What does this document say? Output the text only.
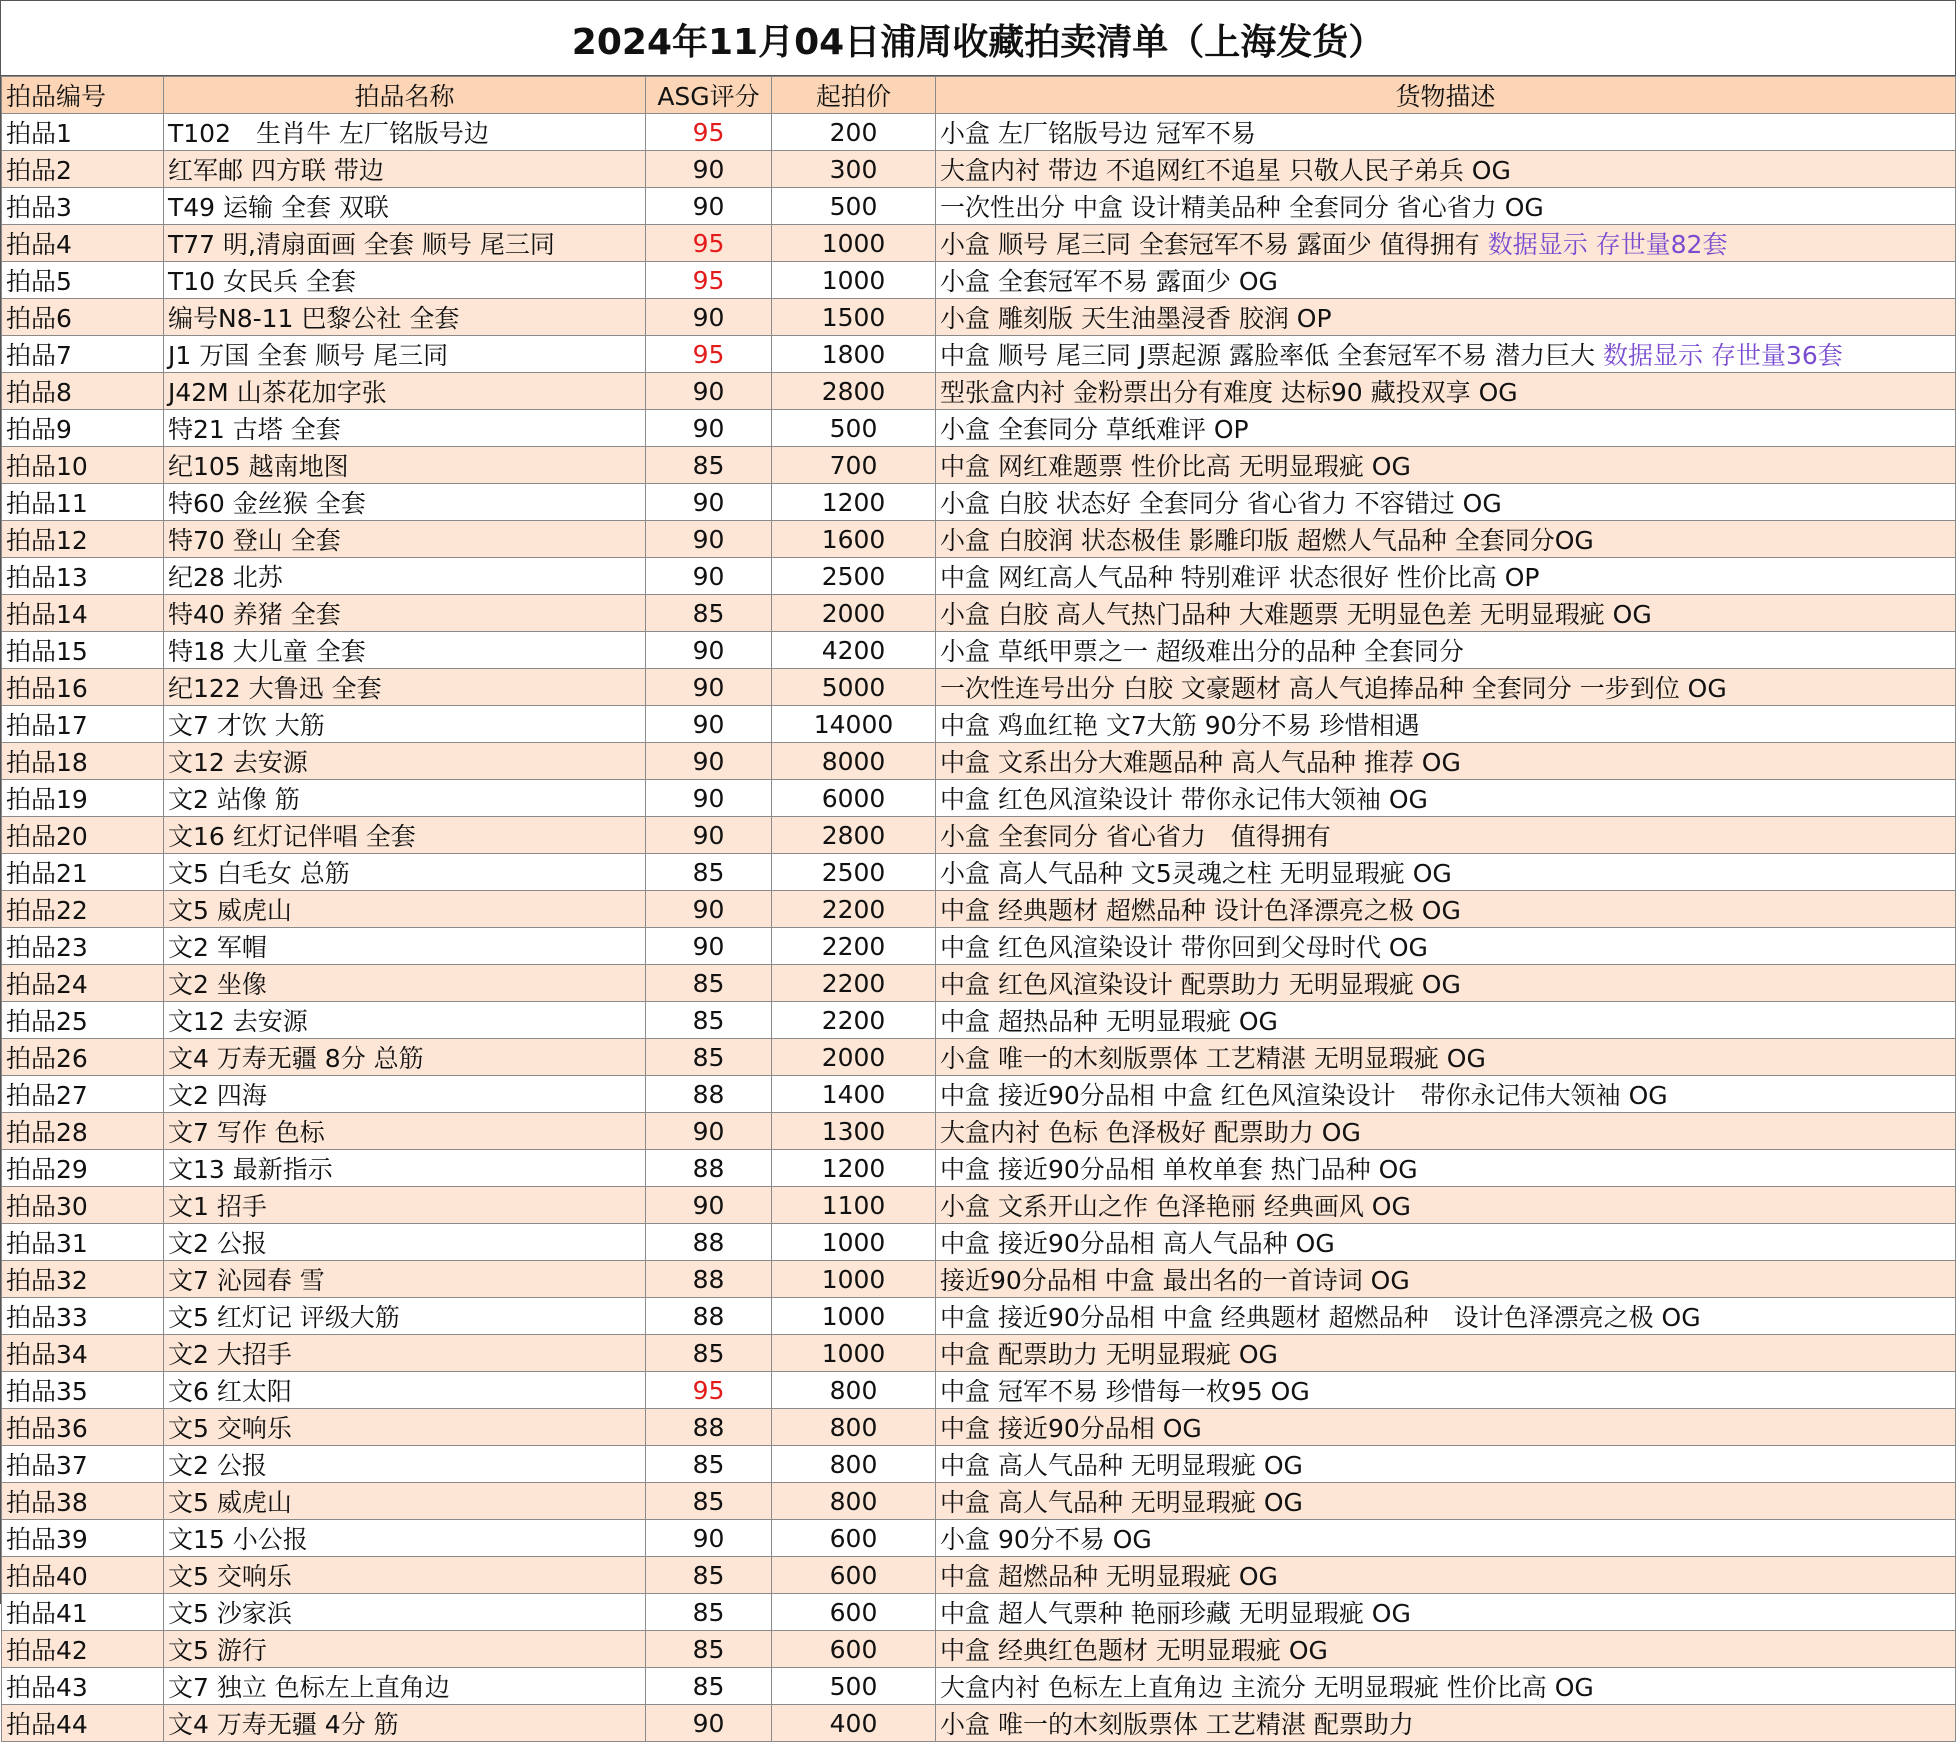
2024年11月04日浦周收藏拍卖清单（上海发货）
拍品编号	拍品名称	ASG评分	起拍价	货物描述
拍品1	T102　生肖牛 左厂铭版号边	95	200	小盒 左厂铭版号边 冠军不易
拍品2	红军邮 四方联 带边	90	300	大盒内衬 带边 不追网红不追星 只敬人民子弟兵 OG
拍品3	T49 运输 全套 双联	90	500	一次性出分 中盒 设计精美品种 全套同分 省心省力 OG
拍品4	T77 明,清扇面画 全套 顺号 尾三同	95	1000	小盒 顺号 尾三同 全套冠军不易 露面少 值得拥有 数据显示 存世量82套
拍品5	T10 女民兵 全套	95	1000	小盒 全套冠军不易 露面少 OG
拍品6	编号N8-11 巴黎公社 全套	90	1500	小盒 雕刻版 天生油墨浸香 胶润 OP
拍品7	J1 万国 全套 顺号 尾三同	95	1800	中盒 顺号 尾三同 J票起源 露脸率低 全套冠军不易 潜力巨大 数据显示 存世量36套
拍品8	J42M 山茶花加字张	90	2800	型张盒内衬 金粉票出分有难度 达标90 藏投双享 OG
拍品9	特21 古塔 全套	90	500	小盒 全套同分 草纸难评 OP
拍品10	纪105 越南地图	85	700	中盒 网红难题票 性价比高 无明显瑕疵 OG
拍品11	特60 金丝猴 全套	90	1200	小盒 白胶 状态好 全套同分 省心省力 不容错过 OG
拍品12	特70 登山 全套	90	1600	小盒 白胶润 状态极佳 影雕印版 超燃人气品种 全套同分OG
拍品13	纪28 北苏	90	2500	中盒 网红高人气品种 特别难评 状态很好 性价比高 OP
拍品14	特40 养猪 全套	85	2000	小盒 白胶 高人气热门品种 大难题票 无明显色差 无明显瑕疵 OG
拍品15	特18 大儿童 全套	90	4200	小盒 草纸甲票之一 超级难出分的品种 全套同分
拍品16	纪122 大鲁迅 全套	90	5000	一次性连号出分 白胶 文豪题材 高人气追捧品种 全套同分 一步到位 OG
拍品17	文7 才饮 大筋	90	14000	中盒 鸡血红艳 文7大筋 90分不易 珍惜相遇
拍品18	文12 去安源	90	8000	中盒 文系出分大难题品种 高人气品种 推荐 OG
拍品19	文2 站像 筋	90	6000	中盒 红色风渲染设计 带你永记伟大领袖 OG
拍品20	文16 红灯记伴唱 全套	90	2800	小盒 全套同分 省心省力　值得拥有
拍品21	文5 白毛女 总筋	85	2500	小盒 高人气品种 文5灵魂之柱 无明显瑕疵 OG
拍品22	文5 威虎山	90	2200	中盒 经典题材 超燃品种 设计色泽漂亮之极 OG
拍品23	文2 军帽	90	2200	中盒 红色风渲染设计 带你回到父母时代 OG
拍品24	文2 坐像	85	2200	中盒 红色风渲染设计 配票助力 无明显瑕疵 OG
拍品25	文12 去安源	85	2200	中盒 超热品种 无明显瑕疵 OG
拍品26	文4 万寿无疆 8分 总筋	85	2000	小盒 唯一的木刻版票体 工艺精湛 无明显瑕疵 OG
拍品27	文2 四海	88	1400	中盒 接近90分品相 中盒 红色风渲染设计　带你永记伟大领袖 OG
拍品28	文7 写作 色标	90	1300	大盒内衬 色标 色泽极好 配票助力 OG
拍品29	文13 最新指示	88	1200	中盒 接近90分品相 单枚单套 热门品种 OG
拍品30	文1 招手	90	1100	小盒 文系开山之作 色泽艳丽 经典画风 OG
拍品31	文2 公报	88	1000	中盒 接近90分品相 高人气品种 OG
拍品32	文7 沁园春 雪	88	1000	接近90分品相 中盒 最出名的一首诗词 OG
拍品33	文5 红灯记 评级大筋	88	1000	中盒 接近90分品相 中盒 经典题材 超燃品种　设计色泽漂亮之极 OG
拍品34	文2 大招手	85	1000	中盒 配票助力 无明显瑕疵 OG
拍品35	文6 红太阳	95	800	中盒 冠军不易 珍惜每一枚95 OG
拍品36	文5 交响乐	88	800	中盒 接近90分品相 OG
拍品37	文2 公报	85	800	中盒 高人气品种 无明显瑕疵 OG
拍品38	文5 威虎山	85	800	中盒 高人气品种 无明显瑕疵 OG
拍品39	文15 小公报	90	600	小盒 90分不易 OG
拍品40	文5 交响乐	85	600	中盒 超燃品种 无明显瑕疵 OG
拍品41	文5 沙家浜	85	600	中盒 超人气票种 艳丽珍藏 无明显瑕疵 OG
拍品42	文5 游行	85	600	中盒 经典红色题材 无明显瑕疵 OG
拍品43	文7 独立 色标左上直角边	85	500	大盒内衬 色标左上直角边 主流分 无明显瑕疵 性价比高 OG
拍品44	文4 万寿无疆 4分 筋	90	400	小盒 唯一的木刻版票体 工艺精湛 配票助力
